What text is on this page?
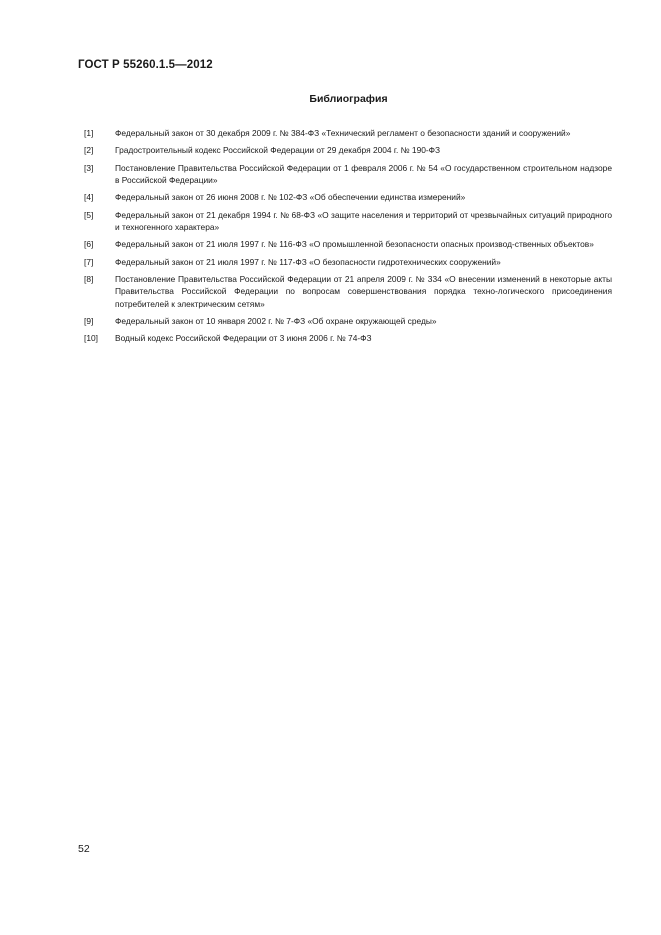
ГОСТ Р 55260.1.5—2012
Библиография
[1]	Федеральный закон от 30 декабря 2009 г. № 384-ФЗ «Технический регламент о безопасности зданий и сооружений»
[2]	Градостроительный кодекс Российской Федерации от 29 декабря 2004 г. № 190-ФЗ
[3]	Постановление Правительства Российской Федерации от 1 февраля 2006 г. № 54 «О государственном строительном надзоре в Российской Федерации»
[4]	Федеральный закон от 26 июня 2008 г. № 102-ФЗ «Об обеспечении единства измерений»
[5]	Федеральный закон от 21 декабря 1994 г. № 68-ФЗ «О защите населения и территорий от чрезвычайных ситуаций природного и техногенного характера»
[6]	Федеральный закон от 21 июля 1997 г. № 116-ФЗ «О промышленной безопасности опасных производ-ственных объектов»
[7]	Федеральный закон от 21 июля 1997 г. № 117-ФЗ «О безопасности гидротехнических сооружений»
[8]	Постановление Правительства Российской Федерации от 21 апреля 2009 г. № 334 «О внесении изменений в некоторые акты Правительства Российской Федерации по вопросам совершенствования порядка техно-логического присоединения потребителей к электрическим сетям»
[9]	Федеральный закон от 10 января 2002 г. № 7-ФЗ «Об охране окружающей среды»
[10]	Водный кодекс Российской Федерации от 3 июня 2006 г. № 74-ФЗ
52
